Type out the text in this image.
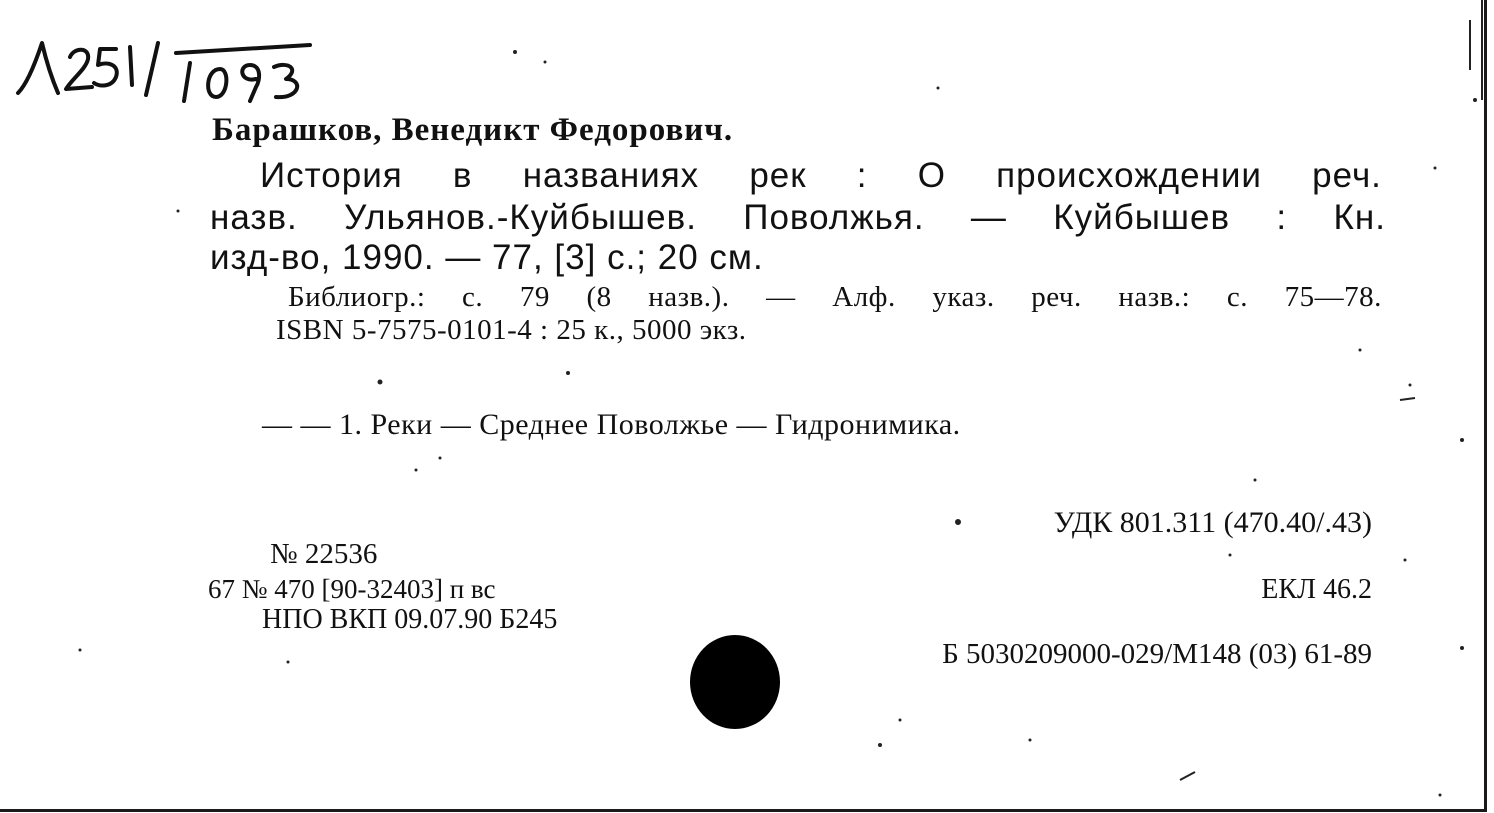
Барашков, Венедикт Федорович.
История в названиях рек : О происхождении реч.
назв. Ульянов.-Куйбышев. Поволжья. — Куйбышев : Кн.
изд-во, 1990. — 77, [3] с.; 20 см.
Библиогр.: с. 79 (8 назв.). — Алф. указ. реч. назв.: с. 75—78.
ISBN 5-7575-0101-4 : 25 к., 5000 экз.
— — 1. Реки — Среднее Поволжье — Гидронимика.
УДК 801.311 (470.40/.43)
ЕКЛ 46.2
Б 5030209000-029/М148 (03) 61-89
№ 22536
67 № 470 [90-32403] п вс
НПО ВКП 09.07.90 Б245
